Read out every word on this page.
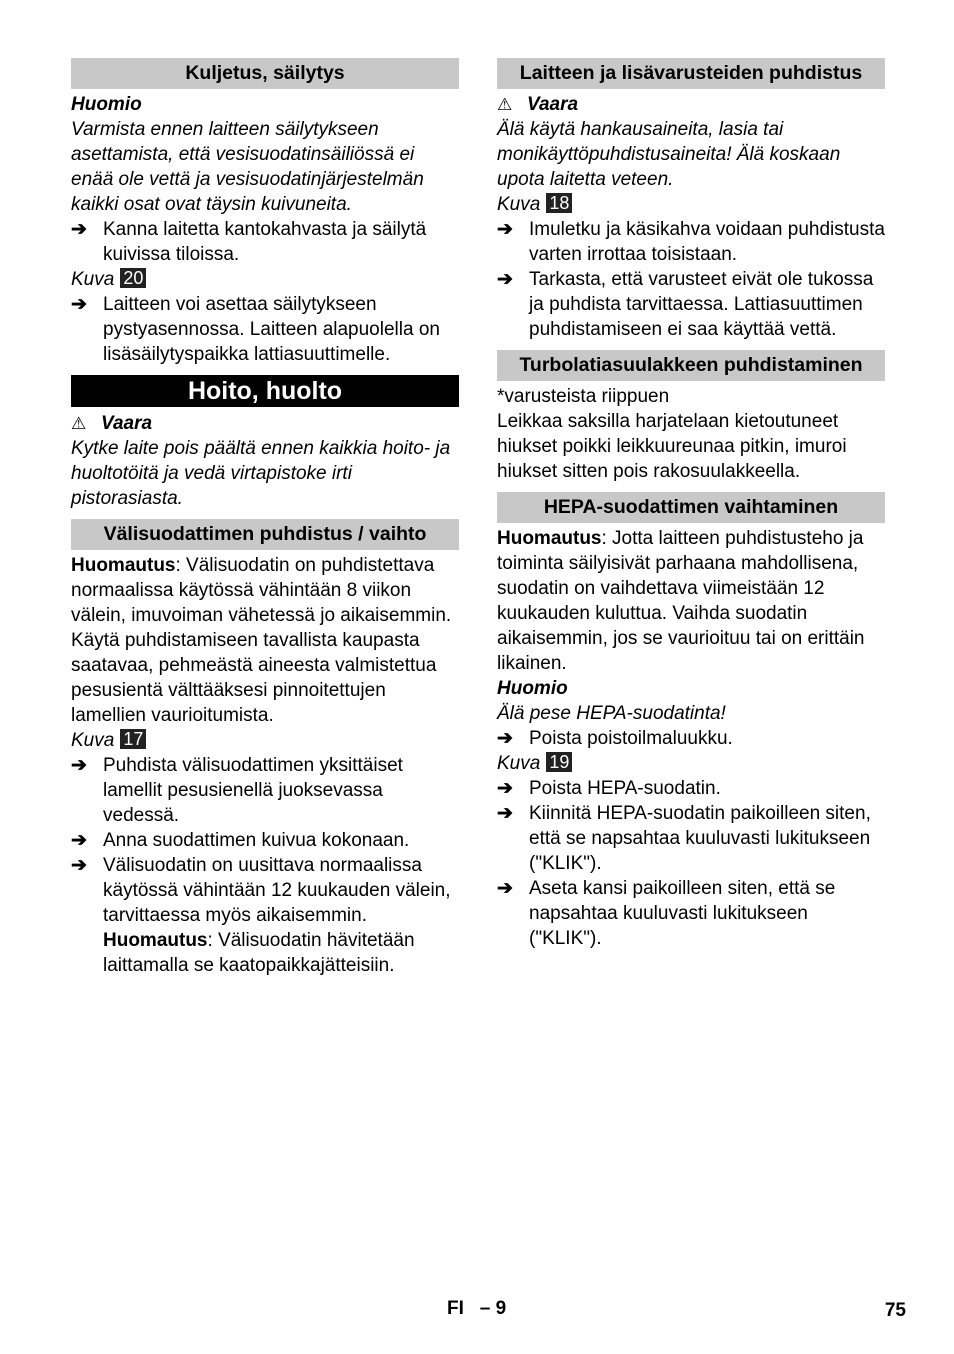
Kuljetus, säilytys

Huomio

Varmista ennen laitteen säilytykseen asettamista, että vesisuodatinsäiliössä ei enää ole vettä ja vesisuodatinjärjestelmän kaikki osat ovat täysin kuivuneita.

➔ Kanna laitetta kantokahvasta ja säilytä kuivissa tiloissa.

Kuva 20

➔ Laitteen voi asettaa säilytykseen pystyasennossa. Laitteen alapuolella on lisäsäilytyspaikka lattiasuuttimelle.
Hoito, huolto

⚠ Vaara

Kytke laite pois päältä ennen kaikkia hoito- ja huoltotöitä ja vedä virtapistoke irti pistorasiasta.

Välisuodattimen puhdistus / vaihto

Huomautus: Välisuodatin on puhdistettava normaalissa käytössä vähintään 8 viikon välein, imuvoiman vähetessä jo aikaisemmin.

Käytä puhdistamiseen tavallista kaupasta saatavaa, pehmeästä aineesta valmistettua pesusientä välttääksesi pinnoitettujen lamellien vaurioitumista.

Kuva 17

➔ Puhdista välisuodattimen yksittäiset lamellit pesusienellä juoksevassa vedessä.
➔ Anna suodattimen kuivua kokonaan.
➔ Välisuodatin on uusittava normaalissa käytössä vähintään 12 kuukauden välein, tarvittaessa myös aikaisemmin.
Huomautus: Välisuodatin hävitetään laittamalla se kaatopaikkajätteisiin.
Laitteen ja lisävarusteiden puhdistus

⚠ Vaara

Älä käytä hankausaineita, lasia tai monikäyttöpuhdistusaineita! Älä koskaan upota laitetta veteen.

Kuva 18

➔ Imuletku ja käsikahva voidaan puhdistusta varten irrottaa toisistaan.
➔ Tarkasta, että varusteet eivät ole tukossa ja puhdista tarvittaessa. Lattiasuuttimen puhdistamiseen ei saa käyttää vettä.
Turbolatiasuulakkeen puhdistaminen

*varusteista riippuen

Leikkaa saksilla harjatelaan kietoutuneet hiukset poikki leikkuureunaa pitkin, imuroi hiukset sitten pois rakosuulakkeella.

HEPA-suodattimen vaihtaminen

Huomautus: Jotta laitteen puhdistusteho ja toiminta säilyisivät parhaana mahdollisena, suodatin on vaihdettava viimeistään 12 kuukauden kuluttua. Vaihda suodatin aikaisemmin, jos se vaurioituu tai on erittäin likainen.

Huomio

Älä pese HEPA-suodatinta!

➔ Poista poistoilmaluukku.

Kuva 19

➔ Poista HEPA-suodatin.
➔ Kiinnitä HEPA-suodatin paikoilleen siten, että se napsahtaa kuuluvasti lukitukseen ("KLIK").
➔ Aseta kansi paikoilleen siten, että se napsahtaa kuuluvasti lukitukseen ("KLIK").
FI – 9	75
